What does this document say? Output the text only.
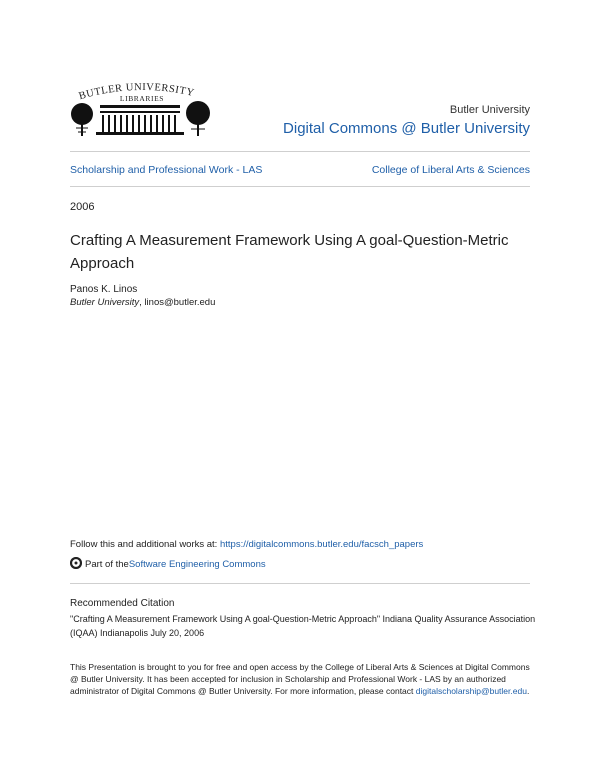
BUTLER UNIVERSITY
LIBRARIES
Butler University
Digital Commons @ Butler University
Scholarship and Professional Work - LAS	College of Liberal Arts & Sciences
2006
Crafting A Measurement Framework Using A goal-Question-Metric Approach
Panos K. Linos
Butler University, linos@butler.edu
Follow this and additional works at: https://digitalcommons.butler.edu/facsch_papers
Part of the Software Engineering Commons
Recommended Citation
"Crafting A Measurement Framework Using A goal-Question-Metric Approach" Indiana Quality Assurance Association (IQAA) Indianapolis July 20, 2006
This Presentation is brought to you for free and open access by the College of Liberal Arts & Sciences at Digital Commons @ Butler University. It has been accepted for inclusion in Scholarship and Professional Work - LAS by an authorized administrator of Digital Commons @ Butler University. For more information, please contact digitalscholarship@butler.edu.
